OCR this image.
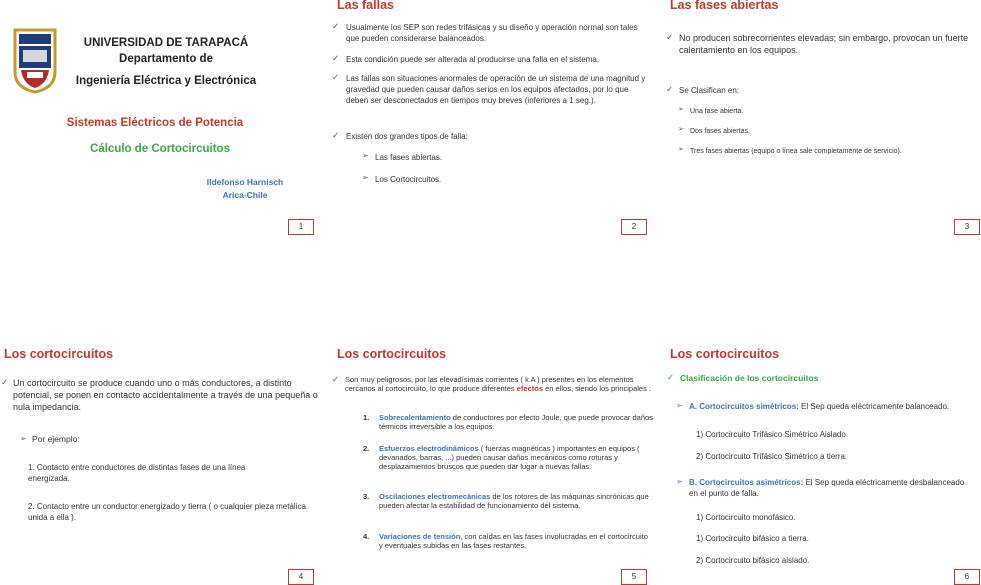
UNIVERSIDAD DE TARAPACÁ
Departamento de
Ingeniería Eléctrica y Electrónica
Sistemas Eléctricos de Potencia
Cálculo de Cortocircuitos
Ildefonso Harnisch
Arica-Chile
1
Las fallas
✓ Usualmente los SEP son redes trifásicas y su diseño y operación normal son tales que pueden considerarse balanceados.
✓ Esta condición puede ser alterada al producirse una falla en el sistema.
✓ Las fallas son situaciones anormales de operación de un sistema de una magnitud y gravedad que pueden causar daños serios en los equipos afectados, por lo que deben ser desconectados en tiempos muy breves (inferiores a 1 seg.).
✓ Existen dos grandes tipos de falla:
➢ Las fases abiertas.
➢ Los Cortocircuitos.
2
Las fases abiertas
✓ No producen sobrecorrientes elevadas; sin embargo, provocan un fuerte calentamiento en los equipos.
✓ Se Clasifican en:
➢ Una fase abierta.
➢ Dos fases abiertas.
➢ Tres fases abiertas (equipo o línea sale completamente de servicio).
3
Los cortocircuitos
✓ Un cortocircuito se produce cuando uno o más conductores, a distinto potencial, se ponen en contacto accidentalmente a través de una pequeña o nula impedancia.
➢ Por ejemplo:
1. Contacto entre conductores de distintas fases de una línea energizada.
2. Contacto entre un conductor energizado y tierra ( o cualquier pieza metálica unida a ella ).
4
Los cortocircuitos
✓ Son muy peligrosos, por las elevadísimas corrientes ( k A ) presentes en los elementos cercanos al cortocircuito, lo que produce diferentes efectos en ellos, siendo los principales :
1. Sobrecalentamiento de conductores por efecto Joule, que puede provocar daños térmicos irreversible a los equipos.
2. Esfuerzos electrodinámicos ( fuerzas magnéticas ) importantes en equipos ( devanados, barras, ...) pueden causar daños mecánicos como roturas y desplazamientos bruscos que pueden dar lugar a nuevas fallas.
3. Oscilaciones electromecánicas de los rotores de las máquinas sincrónicas que pueden afectar la estabilidad de funcionamiento del sistema.
4. Variaciones de tensión, con caídas en las fases involucradas en el cortocircuito y eventuales subidas en las fases restantes.
5
Los cortocircuitos
✓ Clasificación de los cortocircuitos
➢ A. Cortocircuitos simétricos: El Sep queda eléctricamente balanceado.
1) Cortocircuito Trifásico Simétrico Aislado.
2) Cortocircuito Trifásico Simétrico a tierra.
➢ B. Cortocircuitos asimétricos: El Sep queda eléctricamente desbalanceado en el punto de falla.
1) Cortocircuito monofásico.
1) Cortocircuito bifásico a tierra.
2) Cortocircuito bifásico aislado.
6
